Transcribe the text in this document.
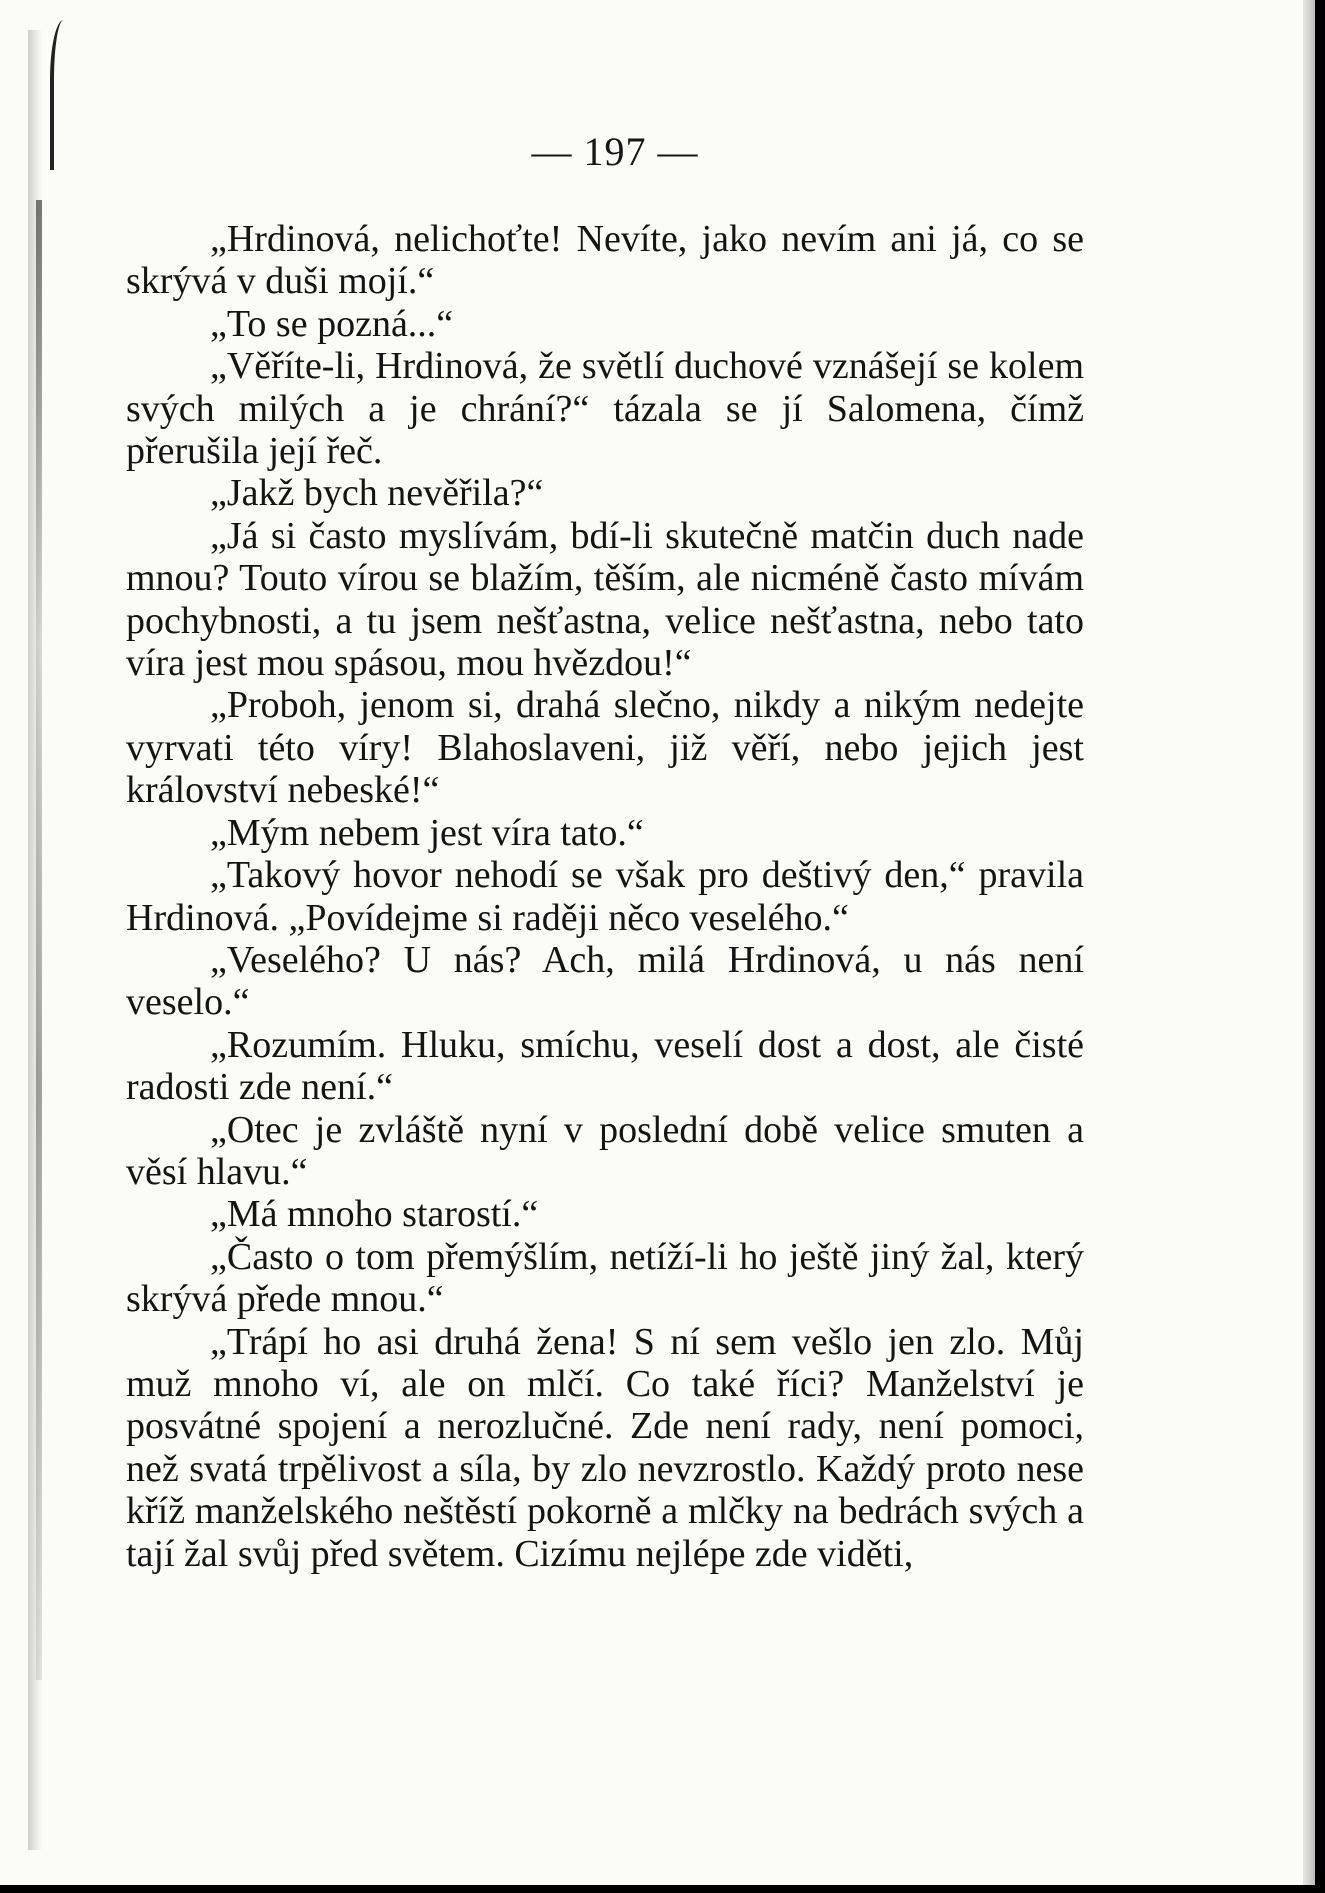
— 197 —

„Hrdinová, nelichoťte! Nevíte, jako nevím ani já, co se skrývá v duši mojí.“

„To se pozná...“

„Věříte-li, Hrdinová, že světlí duchové vznášejí se kolem svých milých a je chrání?“ tázala se jí Salomena, čímž přerušila její řeč.

„Jakž bych nevěřila?“

„Já si často myslívám, bdí-li skutečně matčin duch nade mnou? Touto vírou se blažím, těším, ale nicméně často mívám pochybnosti, a tu jsem nešťastna, velice nešťastna, nebo tato víra jest mou spásou, mou hvězdou!“

„Proboh, jenom si, drahá slečno, nikdy a nikým nedejte vyrvati této víry! Blahoslaveni, již věří, nebo jejich jest království nebeské!“

„Mým nebem jest víra tato.“

„Takový hovor nehodí se však pro deštivý den,“ pravila Hrdinová. „Povídejme si raději něco veselého.“

„Veselého? U nás? Ach, milá Hrdinová, u nás není veselo.“

„Rozumím. Hluku, smíchu, veselí dost a dost, ale čisté radosti zde není.“

„Otec je zvláště nyní v poslední době velice smuten a věsí hlavu.“

„Má mnoho starostí.“

„Často o tom přemýšlím, netíží-li ho ještě jiný žal, který skrývá přede mnou.“

„Trápí ho asi druhá žena! S ní sem vešlo jen zlo. Můj muž mnoho ví, ale on mlčí. Co také říci? Manželství je posvátné spojení a nerozlučné. Zde není rady, není pomoci, než svatá trpělivost a síla, by zlo nevzrostlo. Každý proto nese kříž manželského neštěstí pokorně a mlčky na bedrách svých a tají žal svůj před světem. Cizímu nejlépe zde viděti,
